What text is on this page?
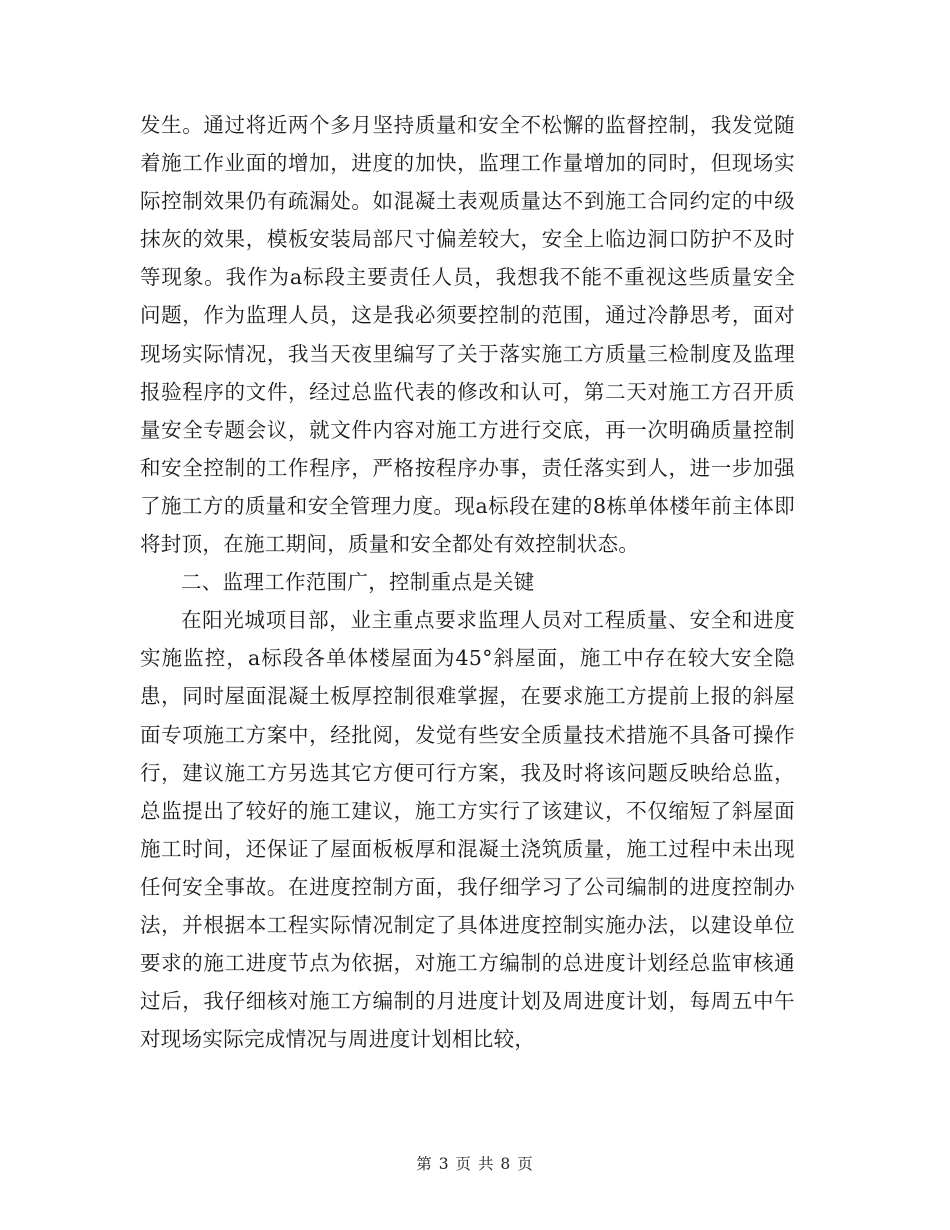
发生。通过将近两个多月坚持质量和安全不松懈的监督控制，我发觉随着施工作业面的增加，进度的加快，监理工作量增加的同时，但现场实际控制效果仍有疏漏处。如混凝土表观质量达不到施工合同约定的中级抹灰的效果，模板安装局部尺寸偏差较大，安全上临边洞口防护不及时等现象。我作为a标段主要责任人员，我想我不能不重视这些质量安全问题，作为监理人员，这是我必须要控制的范围，通过冷静思考，面对现场实际情况，我当天夜里编写了关于落实施工方质量三检制度及监理报验程序的文件，经过总监代表的修改和认可，第二天对施工方召开质量安全专题会议，就文件内容对施工方进行交底，再一次明确质量控制和安全控制的工作程序，严格按程序办事，责任落实到人，进一步加强了施工方的质量和安全管理力度。现a标段在建的8栋单体楼年前主体即将封顶，在施工期间，质量和安全都处有效控制状态。

二、监理工作范围广，控制重点是关键

在阳光城项目部，业主重点要求监理人员对工程质量、安全和进度实施监控，a标段各单体楼屋面为45°斜屋面，施工中存在较大安全隐患，同时屋面混凝土板厚控制很难掌握，在要求施工方提前上报的斜屋面专项施工方案中，经批阅，发觉有些安全质量技术措施不具备可操作行，建议施工方另选其它方便可行方案，我及时将该问题反映给总监，总监提出了较好的施工建议，施工方实行了该建议，不仅缩短了斜屋面施工时间，还保证了屋面板板厚和混凝土浇筑质量，施工过程中未出现任何安全事故。在进度控制方面，我仔细学习了公司编制的进度控制办法，并根据本工程实际情况制定了具体进度控制实施办法，以建设单位要求的施工进度节点为依据，对施工方编制的总进度计划经总监审核通过后，我仔细核对施工方编制的月进度计划及周进度计划，每周五中午对现场实际完成情况与周进度计划相比较，

第 3 页 共 8 页
